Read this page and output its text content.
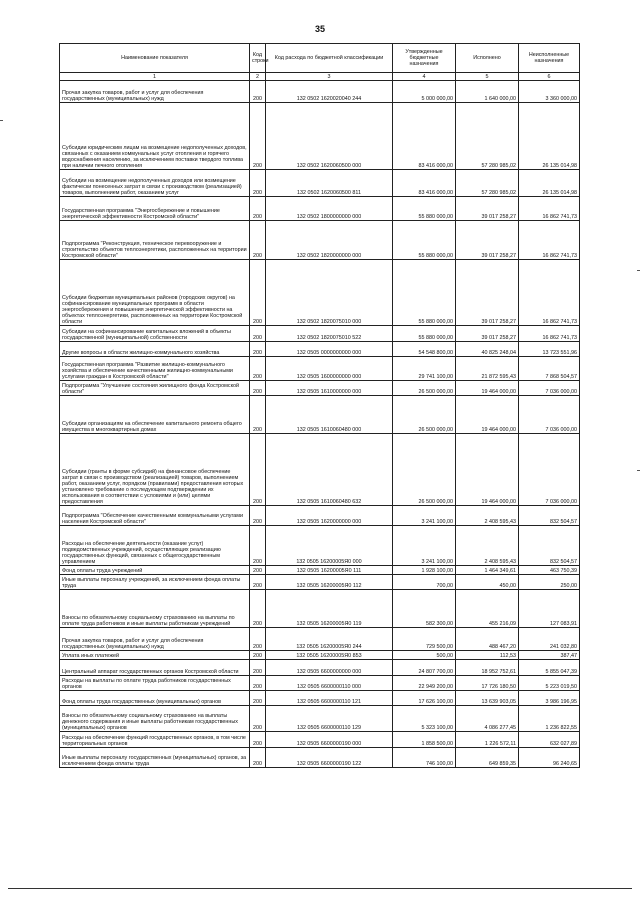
35
Наименование показателя	Код строки	Код расхода по бюджетной классификации	Утвержденные бюджетные назначения	Исполнено	Неисполненные назначения
1	2	3	4	5	6
Прочая закупка товаров, работ и услуг для обеспечения государственных (муниципальных) нужд	200	132 0502 1620020040 244	5 000 000,00	1 640 000,00	3 360 000,00
Субсидии юридическим лицам на возмещение недополученных доходов, связанных с оказанием коммунальных услуг отопления и горячего водоснабжения населению, за исключением поставки твердого топлива при наличии печного отопления	200	132 0502 1620060500 000	83 416 000,00	57 280 985,02	26 135 014,98
Субсидии на возмещение недополученных доходов или возмещение фактически понесенных затрат в связи с производством (реализацией) товаров, выполнением работ, оказанием услуг	200	132 0502 1620060500 811	83 416 000,00	57 280 985,02	26 135 014,98
Государственная программа "Энергосбережение и повышение энергетической эффективности Костромской области"	200	132 0502 1800000000 000	55 880 000,00	39 017 258,27	16 862 741,73
Подпрограмма "Реконструкция, техническое перевооружение и строительство объектов теплоэнергетики, расположенных на территории Костромской области"	200	132 0502 1820000000 000	55 880 000,00	39 017 258,27	16 862 741,73
Субсидии бюджетам муниципальных районов (городских округов) на софинансирование муниципальных программ в области энергосбережения и повышения энергетической эффективности на объектах теплоэнергетики, расположенных на территории Костромской области	200	132 0502 1820075010 000	55 880 000,00	39 017 258,27	16 862 741,73
Субсидии на софинансирование капитальных вложений в объекты государственной (муниципальной) собственности	200	132 0502 1820075010 522	55 880 000,00	39 017 258,27	16 862 741,73
Другие вопросы в области жилищно-коммунального хозяйства	200	132 0505 0000000000 000	54 548 800,00	40 825 248,04	13 723 551,96
Государственная программа "Развитие жилищно-коммунального хозяйства и обеспечение качественными жилищно-коммунальными услугами граждан в Костромской области"	200	132 0505 1600000000 000	29 741 100,00	21 872 595,43	7 868 504,57
Подпрограмма "Улучшение состояния жилищного фонда Костромской области"	200	132 0505 1610000000 000	26 500 000,00	19 464 000,00	7 036 000,00
Субсидии организациям на обеспечение капитального ремонта общего имущества в многоквартирных домах	200	132 0505 1610060480 000	26 500 000,00	19 464 000,00	7 036 000,00
Субсидии (гранты в форме субсидий) на финансовое обеспечение затрат в связи с производством (реализацией) товаров, выполнением работ, оказанием услуг, порядком (правилами) предоставления которых установлено требование о последующем подтверждении их использования в соответствии с условиями и (или) целями предоставления	200	132 0505 1610060480 632	26 500 000,00	19 464 000,00	7 036 000,00
Подпрограмма "Обеспечение качественными коммунальными услугами населения Костромской области"	200	132 0505 1620000000 000	3 241 100,00	2 408 595,43	832 504,57
Расходы на обеспечение деятельности (оказание услуг) подведомственных учреждений, осуществляющих реализацию государственных функций, связанных с общегосударственным управлением	200	132 0505 16200005Я0 000	3 241 100,00	2 408 595,43	832 504,57
Фонд оплаты труда учреждений	200	132 0505 16200005Я0 111	1 928 100,00	1 464 349,61	463 750,39
Иные выплаты персоналу учреждений, за исключением фонда оплаты труда	200	132 0505 16200005Я0 112	700,00	450,00	250,00
Взносы по обязательному социальному страхованию на выплаты по оплате труда работников и иные выплаты работникам учреждений	200	132 0505 16200005Я0 119	582 300,00	455 216,09	127 083,91
Прочая закупка товаров, работ и услуг для обеспечения государственных (муниципальных) нужд	200	132 0505 16200005Я0 244	729 500,00	488 467,20	241 032,80
Уплата иных платежей	200	132 0505 16200005Я0 853	500,00	112,53	387,47
Центральный аппарат государственных органов Костромской области	200	132 0505 6600000000 000	24 807 700,00	18 952 752,61	5 855 047,39
Расходы на выплаты по оплате труда работников государственных органов	200	132 0505 6600000110 000	22 949 200,00	17 726 180,50	5 223 019,50
Фонд оплаты труда государственных (муниципальных) органов	200	132 0505 6600000110 121	17 626 100,00	13 639 903,05	3 986 196,95
Взносы по обязательному социальному страхованию на выплаты денежного содержания и иные выплаты работникам государственных (муниципальных) органов	200	132 0505 6600000110 129	5 323 100,00	4 086 277,45	1 236 822,55
Расходы на обеспечение функций государственных органов, в том числе территориальных органов	200	132 0505 6600000190 000	1 858 500,00	1 226 572,11	632 027,89
Иные выплаты персоналу государственных (муниципальных) органов, за исключением фонда оплаты труда	200	132 0505 6600000190 122	746 100,00	649 859,35	96 240,65
